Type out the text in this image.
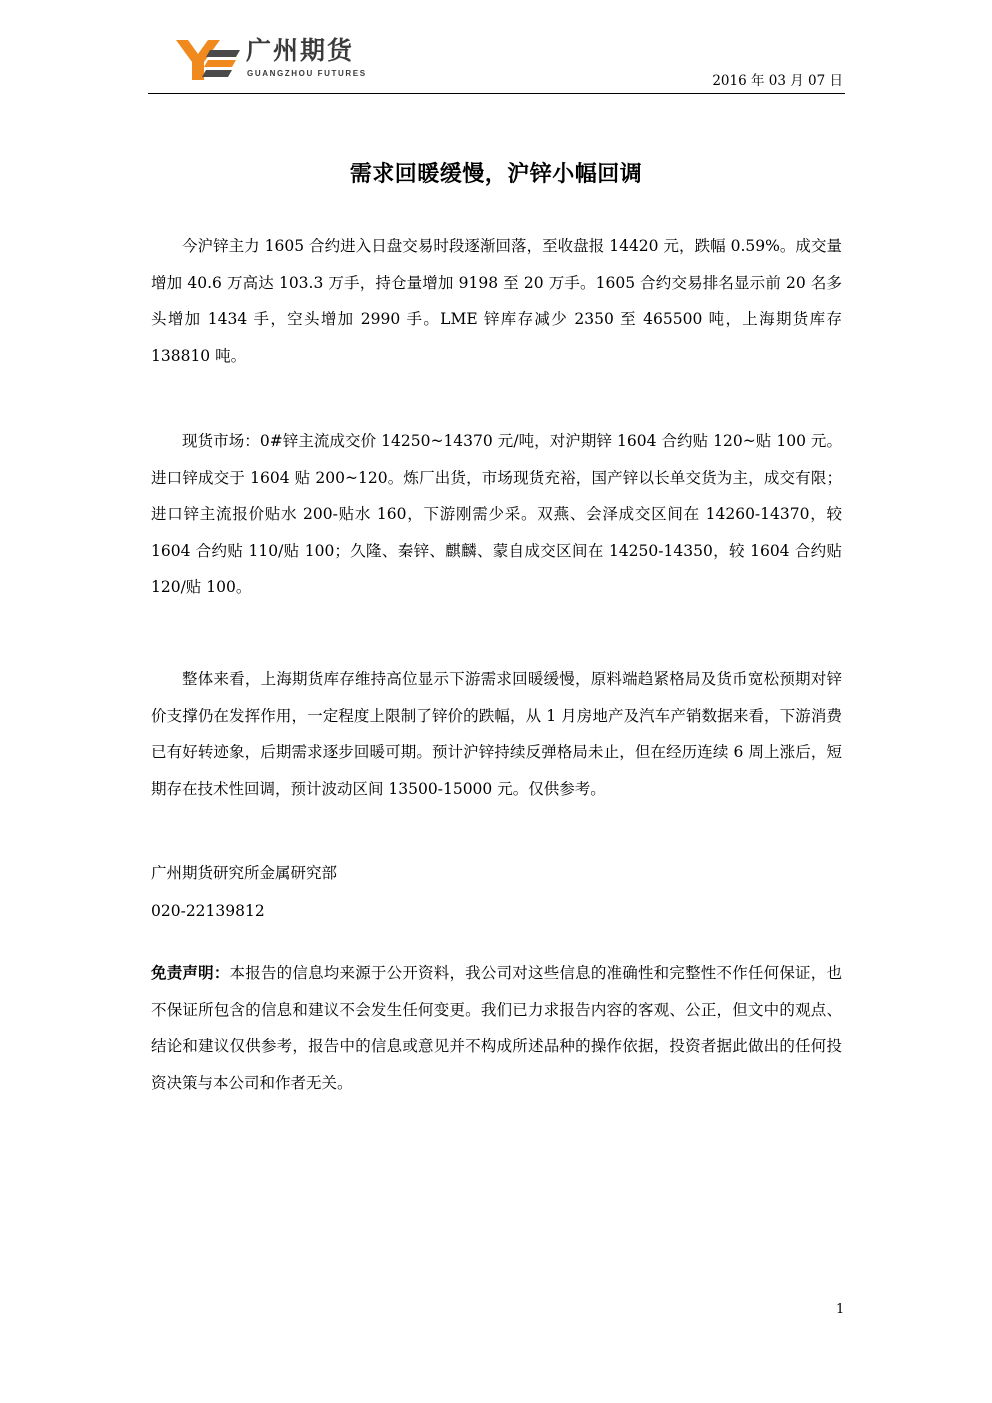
广州期货
GUANGZHOU FUTURES	2016 年 03 月 07 日
需求回暖缓慢，沪锌小幅回调

今沪锌主力 1605 合约进入日盘交易时段逐渐回落，至收盘报 14420 元，跌幅 0.59%。成交量增加 40.6 万高达 103.3 万手，持仓量增加 9198 至 20 万手。1605 合约交易排名显示前 20 名多头增加 1434 手，空头增加 2990 手。LME 锌库存减少 2350 至 465500 吨，上海期货库存 138810 吨。

现货市场：0#锌主流成交价 14250~14370 元/吨，对沪期锌 1604 合约贴 120~贴 100 元。进口锌成交于 1604 贴 200~120。炼厂出货，市场现货充裕，国产锌以长单交货为主，成交有限；进口锌主流报价贴水 200-贴水 160，下游刚需少采。双燕、会泽成交区间在 14260-14370，较 1604 合约贴 110/贴 100；久隆、秦锌、麒麟、蒙自成交区间在 14250-14350，较 1604 合约贴 120/贴 100。

整体来看，上海期货库存维持高位显示下游需求回暖缓慢，原料端趋紧格局及货币宽松预期对锌价支撑仍在发挥作用，一定程度上限制了锌价的跌幅，从 1 月房地产及汽车产销数据来看，下游消费已有好转迹象，后期需求逐步回暖可期。预计沪锌持续反弹格局未止，但在经历连续 6 周上涨后，短期存在技术性回调，预计波动区间 13500-15000 元。仅供参考。

广州期货研究所金属研究部

020-22139812

免责声明：本报告的信息均来源于公开资料，我公司对这些信息的准确性和完整性不作任何保证，也不保证所包含的信息和建议不会发生任何变更。我们已力求报告内容的客观、公正，但文中的观点、结论和建议仅供参考，报告中的信息或意见并不构成所述品种的操作依据，投资者据此做出的任何投资决策与本公司和作者无关。

1
